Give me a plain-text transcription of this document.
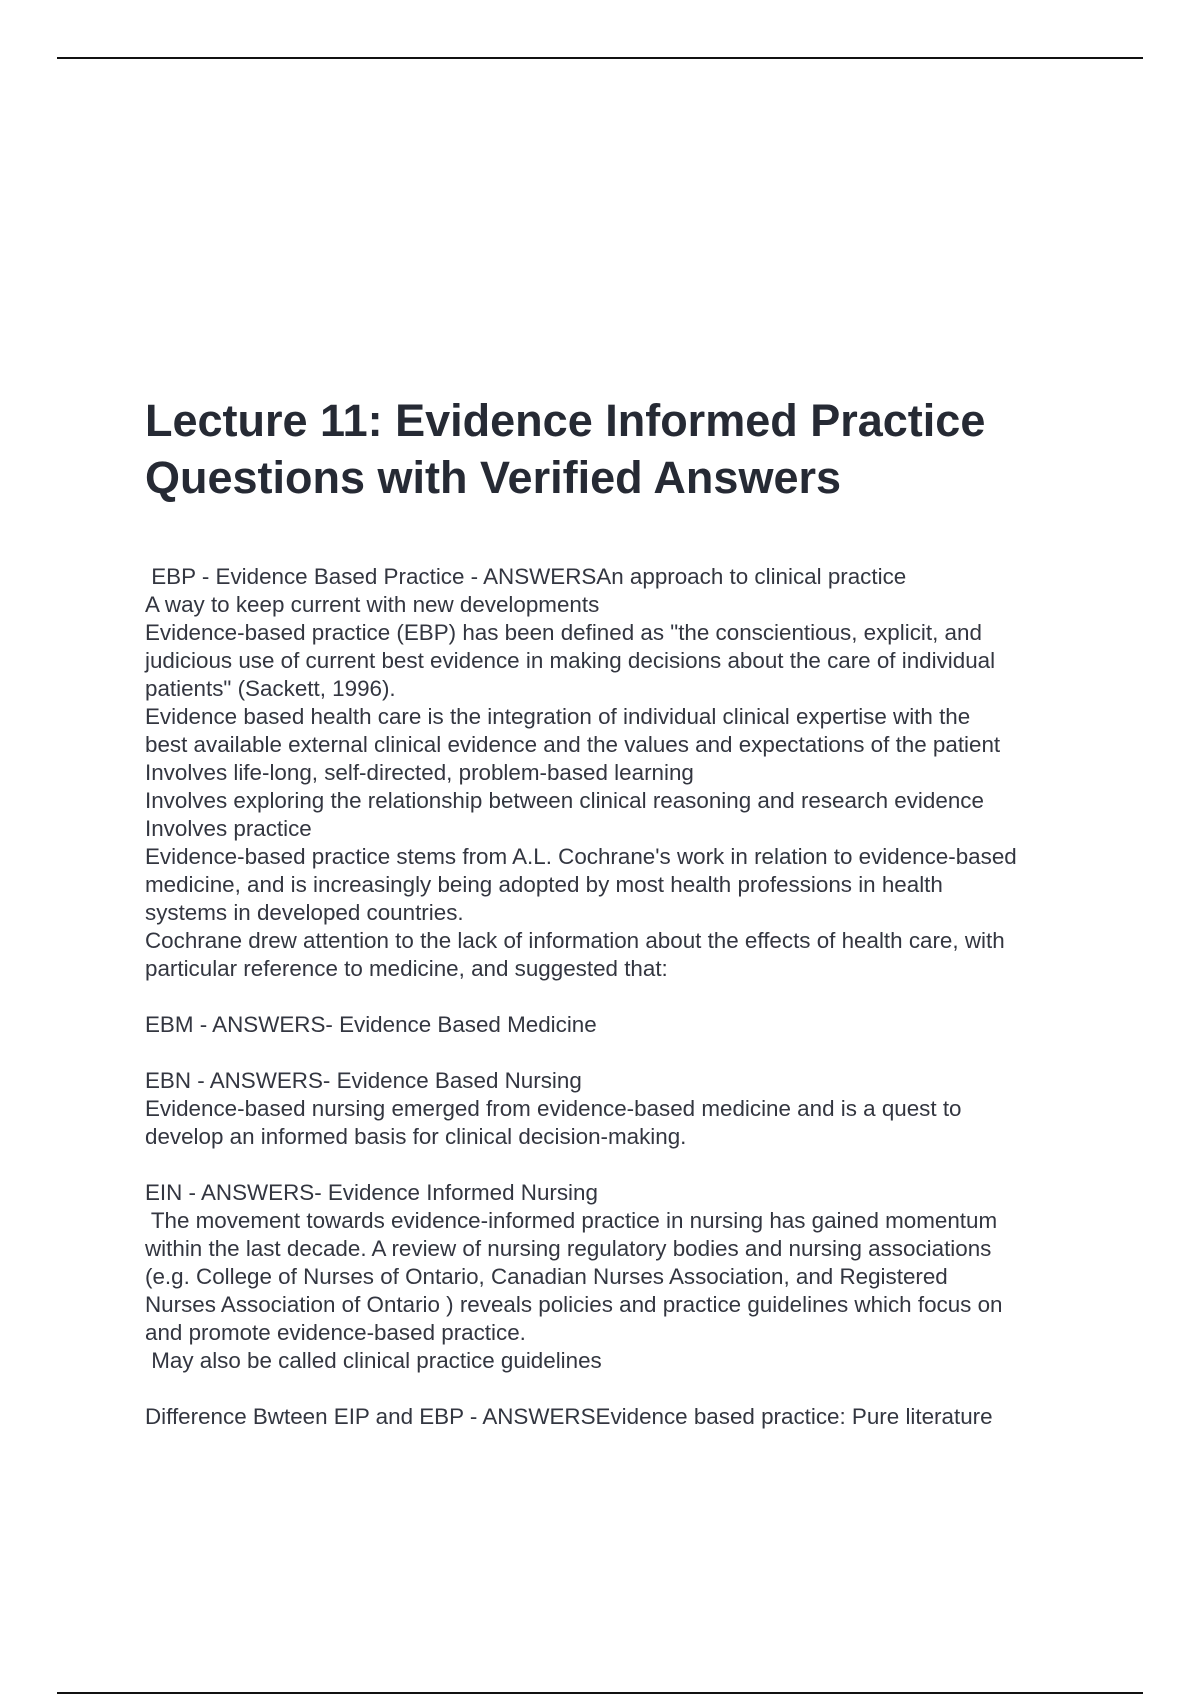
Lecture 11: Evidence Informed Practice
Questions with Verified Answers
EBP - Evidence Based Practice - ANSWERSAn approach to clinical practice
A way to keep current with new developments
Evidence-based practice (EBP) has been defined as "the conscientious, explicit, and
judicious use of current best evidence in making decisions about the care of individual
patients" (Sackett, 1996).
Evidence based health care is the integration of individual clinical expertise with the
best available external clinical evidence and the values and expectations of the patient
Involves life-long, self-directed, problem-based learning
Involves exploring the relationship between clinical reasoning and research evidence
Involves practice
Evidence-based practice stems from A.L. Cochrane's work in relation to evidence-based
medicine, and is increasingly being adopted by most health professions in health
systems in developed countries.
Cochrane drew attention to the lack of information about the effects of health care, with
particular reference to medicine, and suggested that:

EBM - ANSWERS- Evidence Based Medicine

EBN - ANSWERS- Evidence Based Nursing
Evidence-based nursing emerged from evidence-based medicine and is a quest to
develop an informed basis for clinical decision-making.

EIN - ANSWERS- Evidence Informed Nursing
The movement towards evidence-informed practice in nursing has gained momentum
within the last decade. A review of nursing regulatory bodies and nursing associations
(e.g. College of Nurses of Ontario, Canadian Nurses Association, and Registered
Nurses Association of Ontario ) reveals policies and practice guidelines which focus on
and promote evidence-based practice.
May also be called clinical practice guidelines

Difference Bwteen EIP and EBP - ANSWERSEvidence based practice: Pure literature
